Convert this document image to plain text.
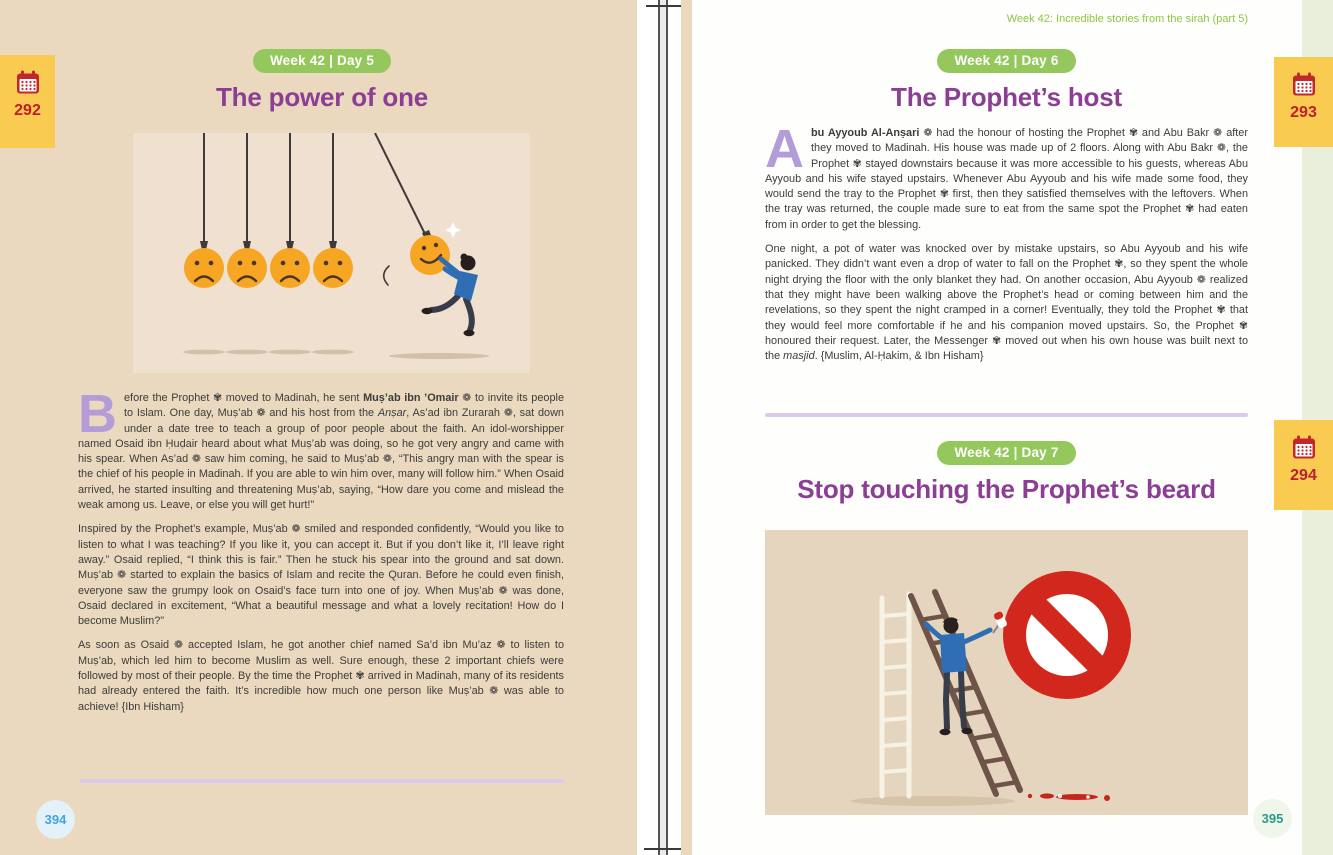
292
Week 42 | Day 5
The power of one

Before the Prophet ✾ moved to Madinah, he sent Muṣ’ab ibn ’Omair ❁ to invite its people to Islam. One day, Muṣ’ab ❁ and his host from the Anṣar, As’ad ibn Zurarah ❁, sat down under a date tree to teach a group of poor people about the faith. An idol-worshipper named Osaid ibn Ḥuḍair heard about what Muṣ’ab was doing, so he got very angry and came with his spear. When As’ad ❁ saw him coming, he said to Muṣ’ab ❁, “This angry man with the spear is the chief of his people in Madinah. If you are able to win him over, many will follow him.” When Osaid arrived, he started insulting and threatening Muṣ’ab, saying, “How dare you come and mislead the weak among us. Leave, or else you will get hurt!”

Inspired by the Prophet’s example, Muṣ’ab ❁ smiled and responded confidently, “Would you like to listen to what I was teaching? If you like it, you can accept it. But if you don’t like it, I’ll leave right away.” Osaid replied, “I think this is fair.” Then he stuck his spear into the ground and sat down. Muṣ’ab ❁ started to explain the basics of Islam and recite the Quran. Before he could even finish, everyone saw the grumpy look on Osaid’s face turn into one of joy. When Muṣ’ab ❁ was done, Osaid declared in excitement, “What a beautiful message and what a lovely recitation! How do I become Muslim?”

As soon as Osaid ❁ accepted Islam, he got another chief named Sa’d ibn Mu’az ❁ to listen to Muṣ’ab, which led him to become Muslim as well. Sure enough, these 2 important chiefs were followed by most of their people. By the time the Prophet ✾ arrived in Madinah, many of its residents had already entered the faith. It’s incredible how much one person like Muṣ’ab ❁ was able to achieve! {Ibn Hisham}

394
Week 42: Incredible stories from the sirah (part 5)
Week 42 | Day 6
The Prophet’s host
293

Abu Ayyoub Al-Anṣari ❁ had the honour of hosting the Prophet ✾ and Abu Bakr ❁ after they moved to Madinah. His house was made up of 2 floors. Along with Abu Bakr ❁, the Prophet ✾ stayed downstairs because it was more accessible to his guests, whereas Abu Ayyoub and his wife stayed upstairs. Whenever Abu Ayyoub and his wife made some food, they would send the tray to the Prophet ✾ first, then they satisfied themselves with the leftovers. When the tray was returned, the couple made sure to eat from the same spot the Prophet ✾ had eaten from in order to get the blessing.

One night, a pot of water was knocked over by mistake upstairs, so Abu Ayyoub and his wife panicked. They didn’t want even a drop of water to fall on the Prophet ✾, so they spent the whole night drying the floor with the only blanket they had. On another occasion, Abu Ayyoub ❁ realized that they might have been walking above the Prophet’s head or coming between him and the revelations, so they spent the night cramped in a corner! Eventually, they told the Prophet ✾ that they would feel more comfortable if he and his companion moved upstairs. So, the Prophet ✾ honoured their request. Later, the Messenger ✾ moved out when his own house was built next to the masjid. {Muslim, Al-Ḥakim, & Ibn Hisham}

Week 42 | Day 7
Stop touching the Prophet’s beard	294
395
